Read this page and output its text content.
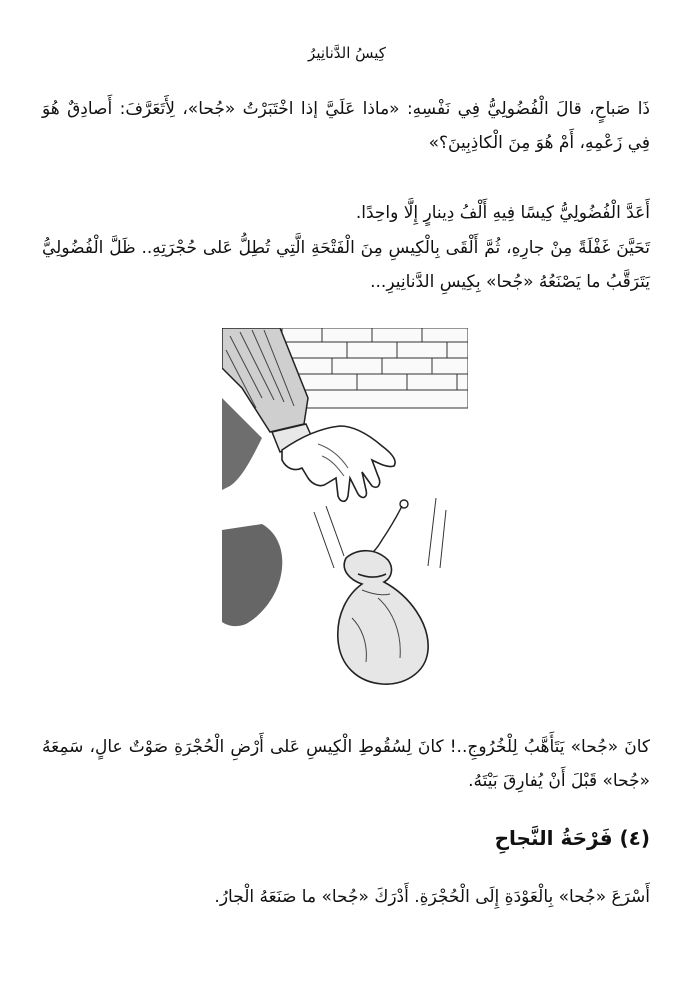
كِيسُ الدَّنانِيرُ

ذَا صَباحٍ، قالَ الْفُضُولِيُّ فِي نَفْسِهِ: «ماذا عَلَيَّ إذا اخْتَبَرْتُ «جُحا»، لِأَتَعَرَّفَ: أَصادِقٌ هُوَ فِي زَعْمِهِ، أَمْ هُوَ مِنَ الْكاذِبِينَ؟»

أَعَدَّ الْفُضُولِيُّ كِيسًا فِيهِ أَلْفُ دِينارٍ إِلَّا واحِدًا.

تَحَيَّنَ غَفْلَةً مِنْ جارِهِ، ثُمَّ أَلْقَى بِالْكِيسِ مِنَ الْفَتْحَةِ الَّتِي تُطِلُّ عَلى حُجْرَتِهِ.. ظَلَّ الْفُضُولِيُّ يَتَرَقَّبُ ما يَصْنَعُهُ «جُحا» بِكِيسِ الدَّنانِيرِ...

كانَ «جُحا» يَتَأَهَّبُ لِلْخُرُوجِ..! كانَ لِسُقُوطِ الْكِيسِ عَلى أَرْضِ الْحُجْرَةِ صَوْتٌ عالٍ، سَمِعَهُ «جُحا» قَبْلَ أَنْ يُفارِقَ بَيْتَهُ.

(٤) فَرْحَةُ النَّجاحِ

أَسْرَعَ «جُحا» بِالْعَوْدَةِ إِلَى الْحُجْرَةِ. أَدْرَكَ «جُحا» ما صَنَعَهُ الْجارُ.
